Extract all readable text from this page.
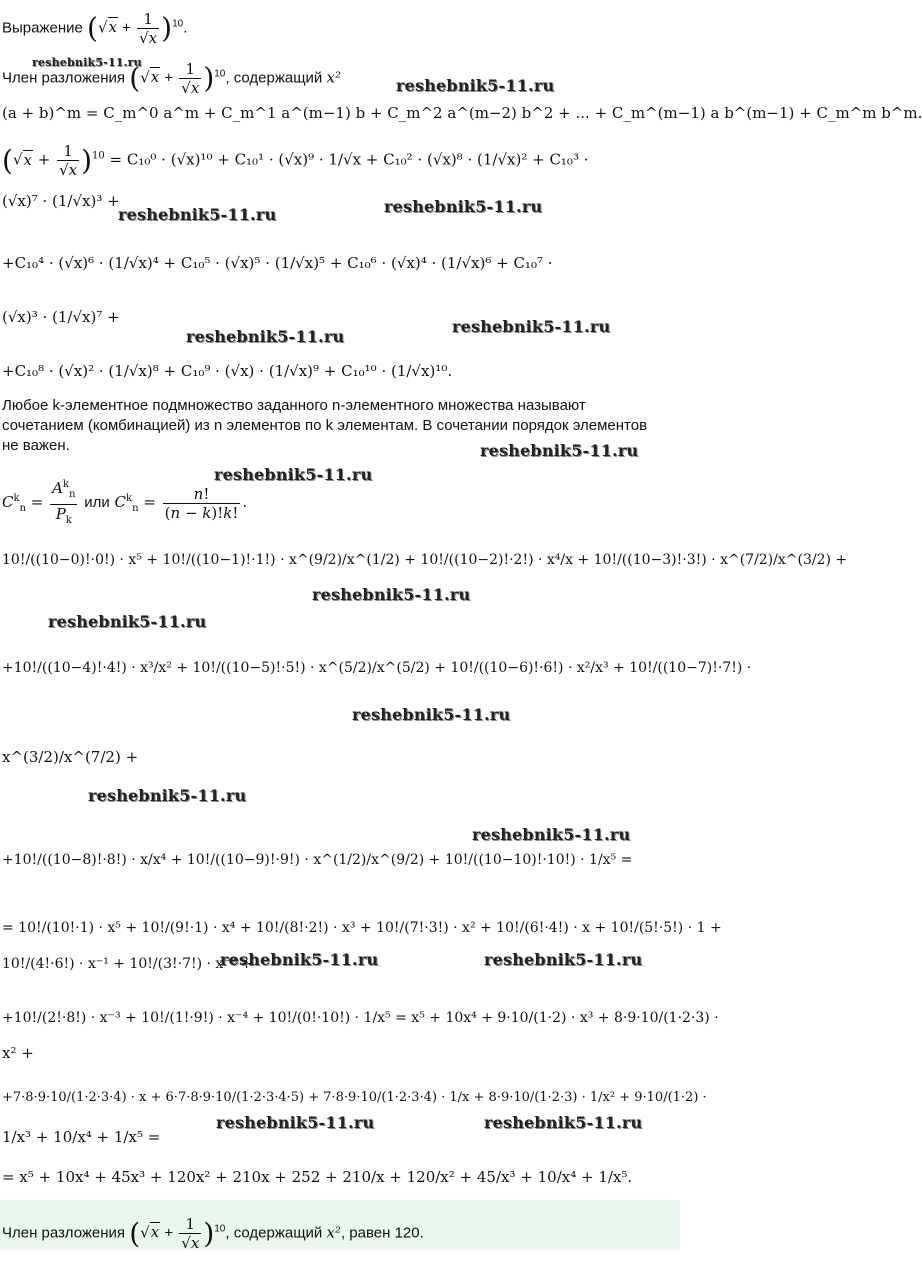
Выражение $(√x + \frac{1}{√x} )^{10}$.
Член разложения $(√x + \frac{1}{√x} )^{10}$, содержащий x²
reshebnik5-11.ru
reshebnik5-11.ru
(a + b)^m = C_m^0 a^m + C_m^1 a^(m−1) b + C_m^2 a^(m−2) b^2 + ... + C_m^(m−1) a b^(m−1) + C_m^m b^m.
$(√x + \frac{1}{√x} )^{10} = C_{10}^0 \cdot (√x)^{10} + C_{10}^1 \cdot (√x)^9 \cdot 1/√x + C_{10}^2 \cdot (√x)^8 \cdot (1/√x)^2 + C_{10}^3$ ·
(√x)⁷ · (1/√x)³ +
reshebnik5-11.ru	reshebnik5-11.ru
+C₁₀⁴ · (√x)⁶ · (1/√x)⁴ + C₁₀⁵ · (√x)⁵ · (1/√x)⁵ + C₁₀⁶ · (√x)⁴ · (1/√x)⁶ + C₁₀⁷ ·
(√x)³ · (1/√x)⁷ +
reshebnik5-11.ru
reshebnik5-11.ru
+C₁₀⁸ · (√x)² · (1/√x)⁸ + C₁₀⁹ · (√x) · (1/√x)⁹ + C₁₀¹⁰ · (1/√x)¹⁰.
Любое k-элементное подмножество заданного n-элементного множества называют сочетанием (комбинацией) из n элементов по k элементам. В сочетании порядок элементов не важен.	reshebnik5-11.ru
$C^k_n = \frac{A^k_n}{P_k}$ или $C^k_n = \frac{n!}{(n - k)!k!}$ .
reshebnik5-11.ru
10!/((10−0)!·0!) · x⁵ + 10!/((10−1)!·1!) · x^(9/2)/x^(1/2) + 10!/((10−2)!·2!) · x⁴/x + 10!/((10−3)!·3!) · x^(7/2)/x^(3/2) +
reshebnik5-11.ru
reshebnik5-11.ru
+10!/((10−4)!·4!) · x³/x² + 10!/((10−5)!·5!) · x^(5/2)/x^(5/2) + 10!/((10−6)!·6!) · x²/x³ + 10!/((10−7)!·7!) ·
reshebnik5-11.ru
x^(3/2)/x^(7/2) +
reshebnik5-11.ru
reshebnik5-11.ru
+10!/((10−8)!·8!) · x/x⁴ + 10!/((10−9)!·9!) · x^(1/2)/x^(9/2) + 10!/((10−10)!·10!) · 1/x⁵ =
= 10!/(10!·1) · x⁵ + 10!/(9!·1) · x⁴ + 10!/(8!·2!) · x³ + 10!/(7!·3!) · x² + 10!/(6!·4!) · x + 10!/(5!·5!) · 1 +
10!/(4!·6!) · x⁻¹ + 10!/(3!·7!) · x⁻² +
reshebnik5-11.ru	reshebnik5-11.ru
+10!/(2!·8!) · x⁻³ + 10!/(1!·9!) · x⁻⁴ + 10!/(0!·10!) · 1/x⁵ = x⁵ + 10x⁴ + 9·10/(1·2) · x³ + 8·9·10/(1·2·3) ·
x² +
+7·8·9·10/(1·2·3·4) · x + 6·7·8·9·10/(1·2·3·4·5) + 7·8·9·10/(1·2·3·4) · 1/x + 8·9·10/(1·2·3) · 1/x² + 9·10/(1·2) ·
1/x³ + 10/x⁴ + 1/x⁵ =
reshebnik5-11.ru	reshebnik5-11.ru
= x⁵ + 10x⁴ + 45x³ + 120x² + 210x + 252 + 210/x + 120/x² + 45/x³ + 10/x⁴ + 1/x⁵.
Член разложения $(√x + \frac{1}{√x} )^{10}$, содержащий x², равен 120.
